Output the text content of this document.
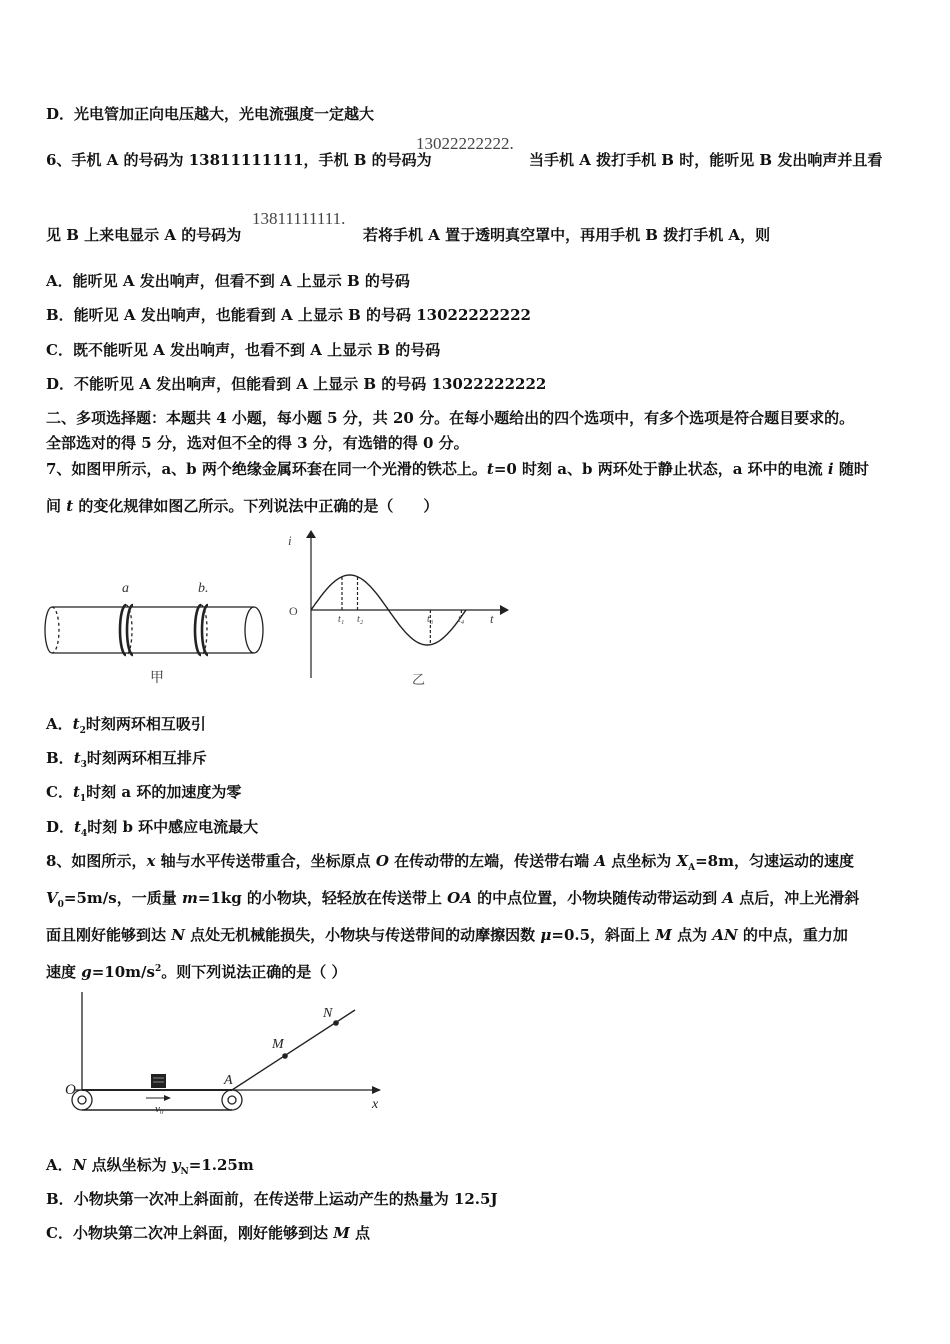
D．光电管加正向电压越大，光电流强度一定越大
6、手机 A 的号码为 13811111111，手机 B 的号码为
13022222222.
当手机 A 拨打手机 B 时，能听见 B 发出响声并且看
见 B 上来电显示 A 的号码为
13811111111.
若将手机 A 置于透明真空罩中，再用手机 B 拨打手机 A，则
A．能听见 A 发出响声，但看不到 A 上显示 B 的号码
B．能听见 A 发出响声，也能看到 A 上显示 B 的号码 13022222222
C．既不能听见 A 发出响声，也看不到 A 上显示 B 的号码
D．不能听见 A 发出响声，但能看到 A 上显示 B 的号码 13022222222
二、多项选择题：本题共 4 小题，每小题 5 分，共 20 分。在每小题给出的四个选项中，有多个选项是符合题目要求的。
全部选对的得 5 分，选对但不全的得 3 分，有选错的得 0 分。
7、如图甲所示，a、b 两个绝缘金属环套在同一个光滑的铁芯上。t=0 时刻 a、b 两环处于静止状态，a 环中的电流 i 随时
间 t 的变化规律如图乙所示。下列说法中正确的是（　　）
a	b.
甲
i
t
O
t₁ t₂	t₃ t₄
乙
A．$t_2$时刻两环相互吸引
B．$t_3$时刻两环相互排斥
C．$t_1$时刻 a 环的加速度为零
D．$t_4$时刻 b 环中感应电流最大
8、如图所示，x 轴与水平传送带重合，坐标原点 O 在传动带的左端，传送带右端 A 点坐标为 $X_A=8m$，匀速运动的速度
$V_0=5m/s$，一质量 m=1kg 的小物块，轻轻放在传送带上 OA 的中点位置，小物块随传动带运动到 A 点后，冲上光滑斜
面且刚好能够到达 N 点处无机械能损失，小物块与传送带间的动摩擦因数 μ=0.5，斜面上 M 点为 AN 的中点，重力加
速度 $g=10m/s^2$。则下列说法正确的是（ ）
O
A
M
N
x
v₀
A．N 点纵坐标为 $y_N=1.25m$
B．小物块第一次冲上斜面前，在传送带上运动产生的热量为 12.5J
C．小物块第二次冲上斜面，刚好能够到达 M 点
